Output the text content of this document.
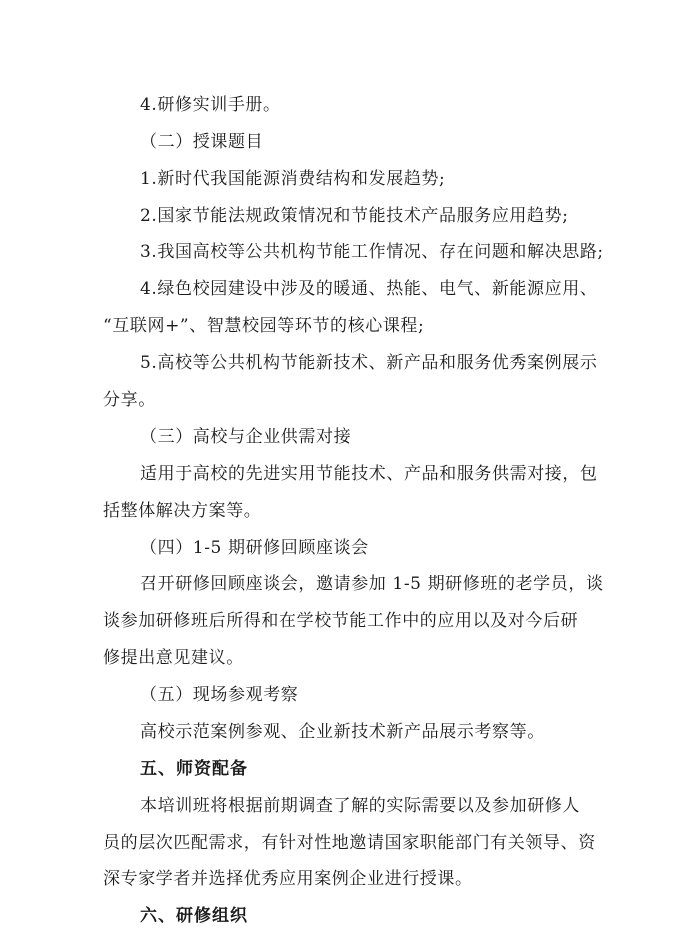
4.研修实训手册。
（二）授课题目
1.新时代我国能源消费结构和发展趋势;
2.国家节能法规政策情况和节能技术产品服务应用趋势;
3.我国高校等公共机构节能工作情况、存在问题和解决思路;
4.绿色校园建设中涉及的暖通、热能、电气、新能源应用、
“互联网+”、智慧校园等环节的核心课程;
5.高校等公共机构节能新技术、新产品和服务优秀案例展示
分享。
（三）高校与企业供需对接
适用于高校的先进实用节能技术、产品和服务供需对接，包
括整体解决方案等。
（四）1-5 期研修回顾座谈会
召开研修回顾座谈会，邀请参加 1-5 期研修班的老学员，谈
谈参加研修班后所得和在学校节能工作中的应用以及对今后研
修提出意见建议。
（五）现场参观考察
高校示范案例参观、企业新技术新产品展示考察等。
五、师资配备
本培训班将根据前期调查了解的实际需要以及参加研修人
员的层次匹配需求，有针对性地邀请国家职能部门有关领导、资
深专家学者并选择优秀应用案例企业进行授课。
六、研修组织
